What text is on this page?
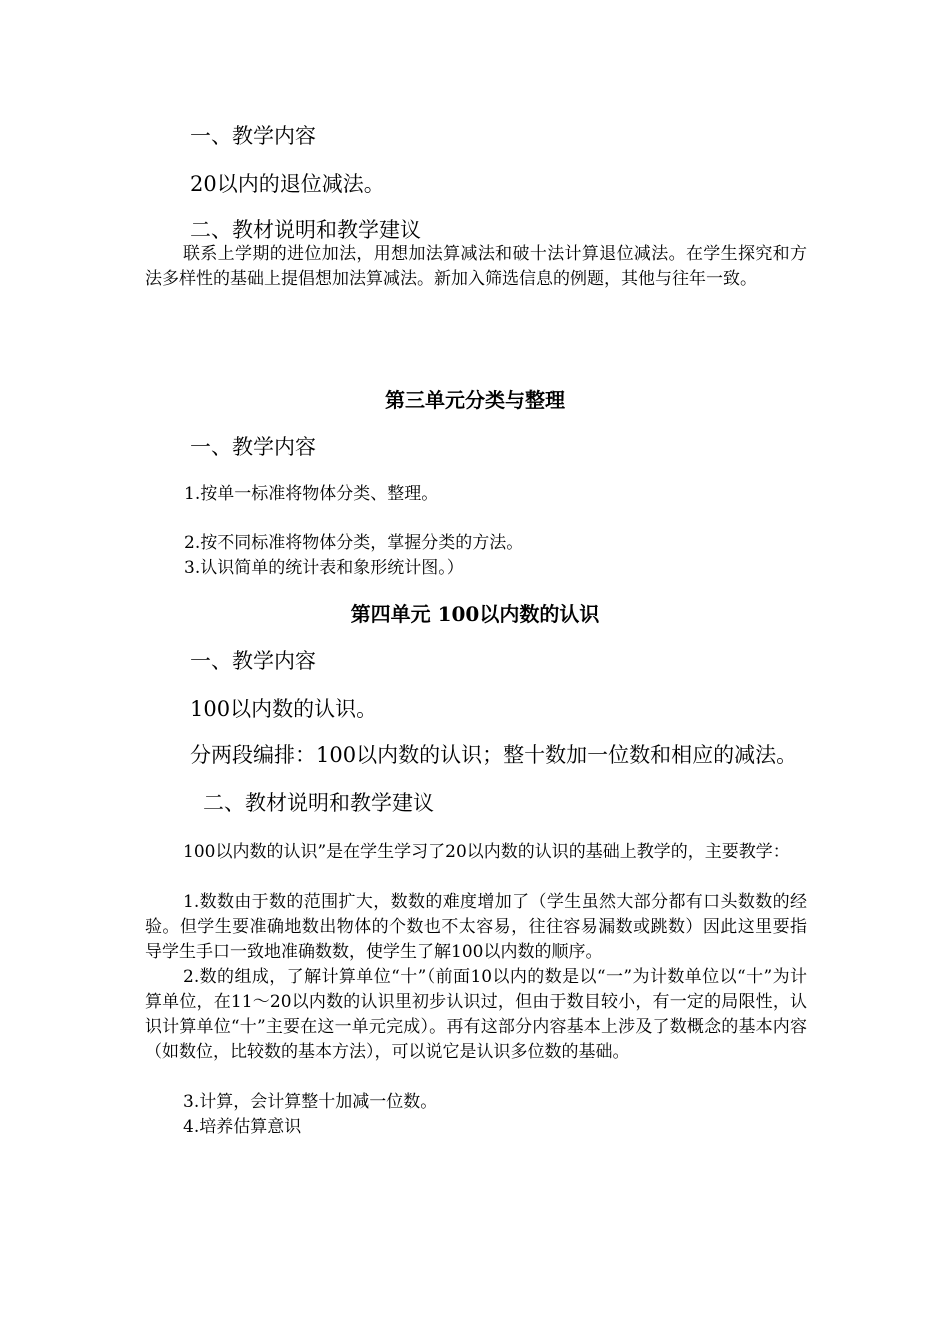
一、教学内容
20以内的退位减法。
二、教材说明和教学建议
联系上学期的进位加法，用想加法算减法和破十法计算退位减法。在学生探究和方法多样性的基础上提倡想加法算减法。新加入筛选信息的例题，其他与往年一致。
第三单元分类与整理
一、教学内容
1.按单一标准将物体分类、整理。
2.按不同标准将物体分类，掌握分类的方法。
3.认识简单的统计表和象形统计图。）
第四单元 100以内数的认识
一、教学内容
100以内数的认识。
分两段编排：100以内数的认识；整十数加一位数和相应的减法。
二、教材说明和教学建议
100以内数的认识”是在学生学习了20以内数的认识的基础上教学的，主要教学：
1.数数由于数的范围扩大，数数的难度增加了（学生虽然大部分都有口头数数的经验。但学生要准确地数出物体的个数也不太容易，往往容易漏数或跳数）因此这里要指导学生手口一致地准确数数，使学生了解100以内数的顺序。
2.数的组成，了解计算单位“十”（前面10以内的数是以“一”为计数单位以“十”为计算单位，在11～20以内数的认识里初步认识过，但由于数目较小，有一定的局限性，认识计算单位“十”主要在这一单元完成）。再有这部分内容基本上涉及了数概念的基本内容（如数位，比较数的基本方法），可以说它是认识多位数的基础。
3.计算，会计算整十加减一位数。
4.培养估算意识
